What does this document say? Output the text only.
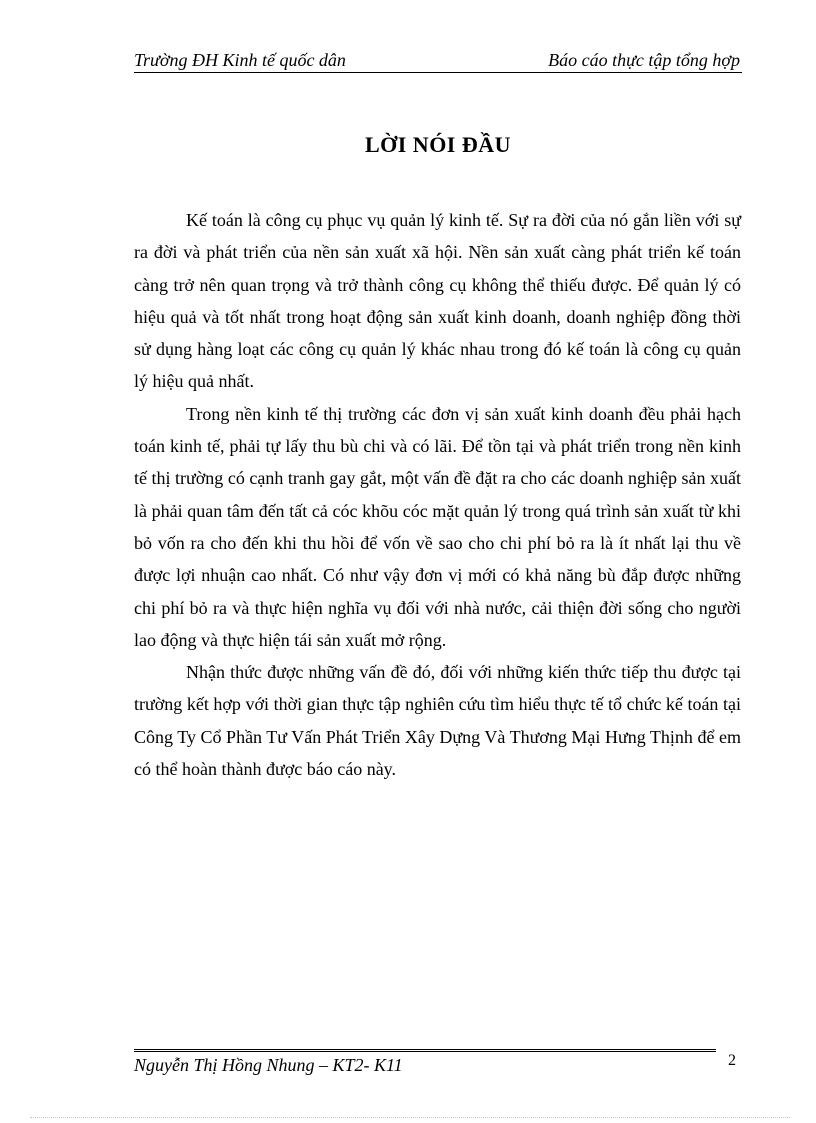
Trường ĐH Kinh tế quốc dân	Báo cáo thực tập tổng hợp
LỜI NÓI ĐẦU

Kế toán là công cụ phục vụ quản lý kinh tế. Sự ra đời của nó gắn liền với sự ra đời và phát triển của nền sản xuất xã hội. Nền sản xuất càng phát triển kế toán càng trở nên quan trọng và trở thành công cụ không thể thiếu được. Để quản lý có hiệu quả và tốt nhất trong hoạt động sản xuất kinh doanh, doanh nghiệp đồng thời sử dụng hàng loạt các công cụ quản lý khác nhau trong đó kế toán là công cụ quản lý hiệu quả nhất.

Trong nền kinh tế thị trường các đơn vị sản xuất kinh doanh đều phải hạch toán kinh tế, phải tự lấy thu bù chi và có lãi. Để tồn tại và phát triển trong nền kinh tế thị trường có cạnh tranh gay gắt, một vấn đề đặt ra cho các doanh nghiệp sản xuất là phải quan tâm đến tất cả cóc khõu cóc mặt quản lý trong quá trình sản xuất từ khi bỏ vốn ra cho đến khi thu hồi để vốn về sao cho chi phí bỏ ra là ít nhất lại thu về được lợi nhuận cao nhất. Có như vậy đơn vị mới có khả năng bù đắp được những chi phí bỏ ra và thực hiện nghĩa vụ đối với nhà nước, cải thiện đời sống cho người lao động và thực hiện tái sản xuất mở rộng.

Nhận thức được những vấn đề đó, đối với những kiến thức tiếp thu được tại trường kết hợp với thời gian thực tập nghiên cứu tìm hiểu thực tế tổ chức kế toán tại Công Ty Cổ Phần Tư Vấn Phát Triển Xây Dựng Và Thương Mại Hưng Thịnh để em có thể hoàn thành được báo cáo này.

Nguyễn Thị Hồng Nhung – KT2- K11	2
